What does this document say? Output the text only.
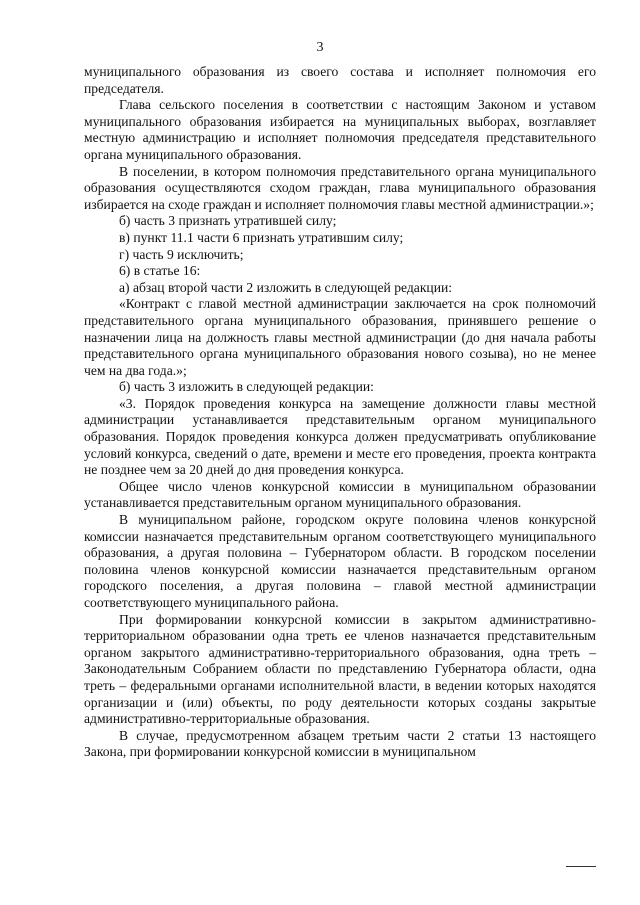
3

муниципального образования из своего состава и исполняет полномочия его председателя.

Глава сельского поселения в соответствии с настоящим Законом и уставом муниципального образования избирается на муниципальных выборах, возглавляет местную администрацию и исполняет полномочия председателя представительного органа муниципального образования.

В поселении, в котором полномочия представительного органа муниципального образования осуществляются сходом граждан, глава муниципального образования избирается на сходе граждан и исполняет полномочия главы местной администрации.»;

б) часть 3 признать утратившей силу;

в) пункт 11.1 части 6 признать утратившим силу;

г) часть 9 исключить;

6) в статье 16:

а) абзац второй части 2 изложить в следующей редакции:

«Контракт с главой местной администрации заключается на срок полномочий представительного органа муниципального образования, принявшего решение о назначении лица на должность главы местной администрации (до дня начала работы представительного органа муниципального образования нового созыва), но не менее чем на два года.»;

б) часть 3 изложить в следующей редакции:

«3. Порядок проведения конкурса на замещение должности главы местной администрации устанавливается представительным органом муниципального образования. Порядок проведения конкурса должен предусматривать опубликование условий конкурса, сведений о дате, времени и месте его проведения, проекта контракта не позднее чем за 20 дней до дня проведения конкурса.

Общее число членов конкурсной комиссии в муниципальном образовании устанавливается представительным органом муниципального образования.

В муниципальном районе, городском округе половина членов конкурсной комиссии назначается представительным органом соответствующего муниципального образования, а другая половина – Губернатором области. В городском поселении половина членов конкурсной комиссии назначается представительным органом городского поселения, а другая половина – главой местной администрации соответствующего муниципального района.

При формировании конкурсной комиссии в закрытом административно-территориальном образовании одна треть ее членов назначается представительным органом закрытого административно-территориального образования, одна треть – Законодательным Собранием области по представлению Губернатора области, одна треть – федеральными органами исполнительной власти, в ведении которых находятся организации и (или) объекты, по роду деятельности которых созданы закрытые административно-территориальные образования.

В случае, предусмотренном абзацем третьим части 2 статьи 13 настоящего Закона, при формировании конкурсной комиссии в муниципальном
